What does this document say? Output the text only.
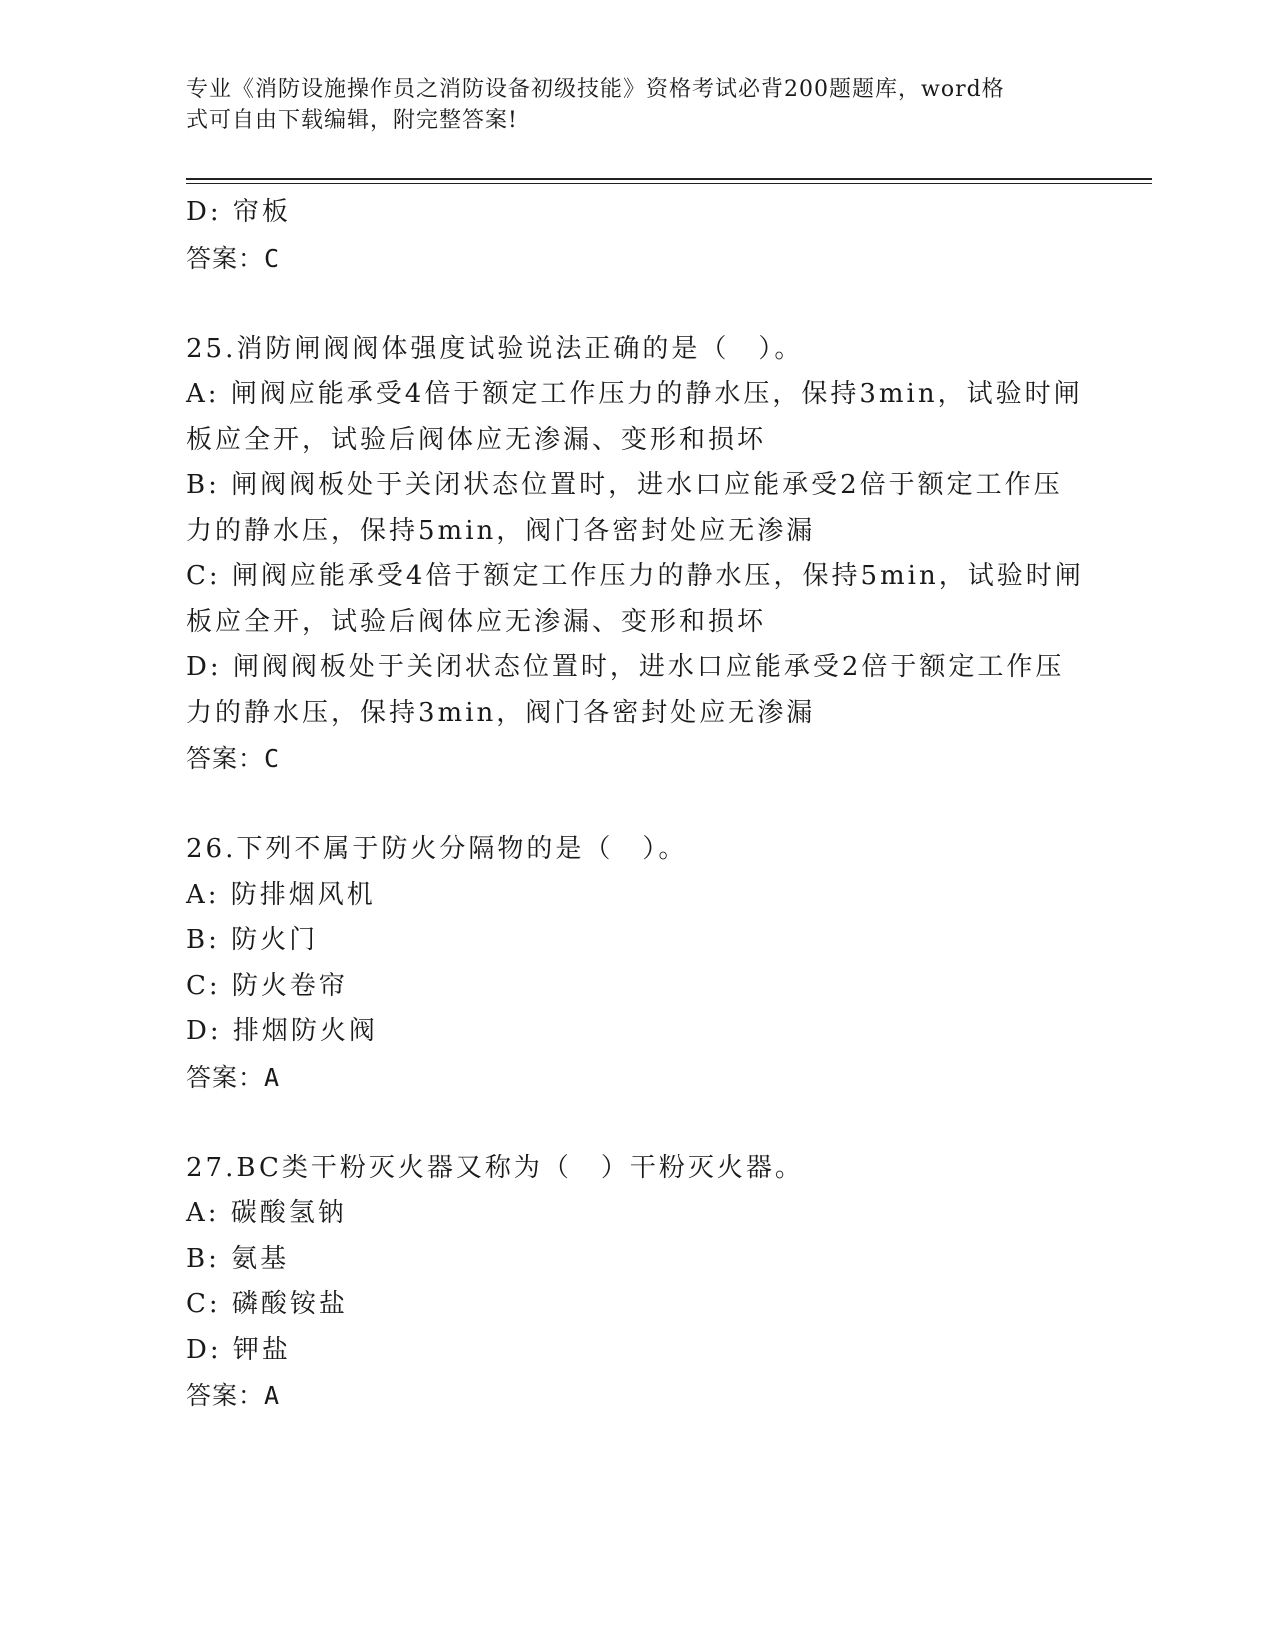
专业《消防设施操作员之消防设备初级技能》资格考试必背200题题库，word格
式可自由下载编辑，附完整答案!
D: 帘板
答案：C
25.消防闸阀阀体强度试验说法正确的是（　）。
A: 闸阀应能承受4倍于额定工作压力的静水压，保持3min，试验时闸
板应全开，试验后阀体应无渗漏、变形和损坏
B: 闸阀阀板处于关闭状态位置时，进水口应能承受2倍于额定工作压
力的静水压，保持5min，阀门各密封处应无渗漏
C: 闸阀应能承受4倍于额定工作压力的静水压，保持5min，试验时闸
板应全开，试验后阀体应无渗漏、变形和损坏
D: 闸阀阀板处于关闭状态位置时，进水口应能承受2倍于额定工作压
力的静水压，保持3min，阀门各密封处应无渗漏
答案：C
26.下列不属于防火分隔物的是（　）。
A: 防排烟风机
B: 防火门
C: 防火卷帘
D: 排烟防火阀
答案：A
27.BC类干粉灭火器又称为（　）干粉灭火器。
A: 碳酸氢钠
B: 氨基
C: 磷酸铵盐
D: 钾盐
答案：A
